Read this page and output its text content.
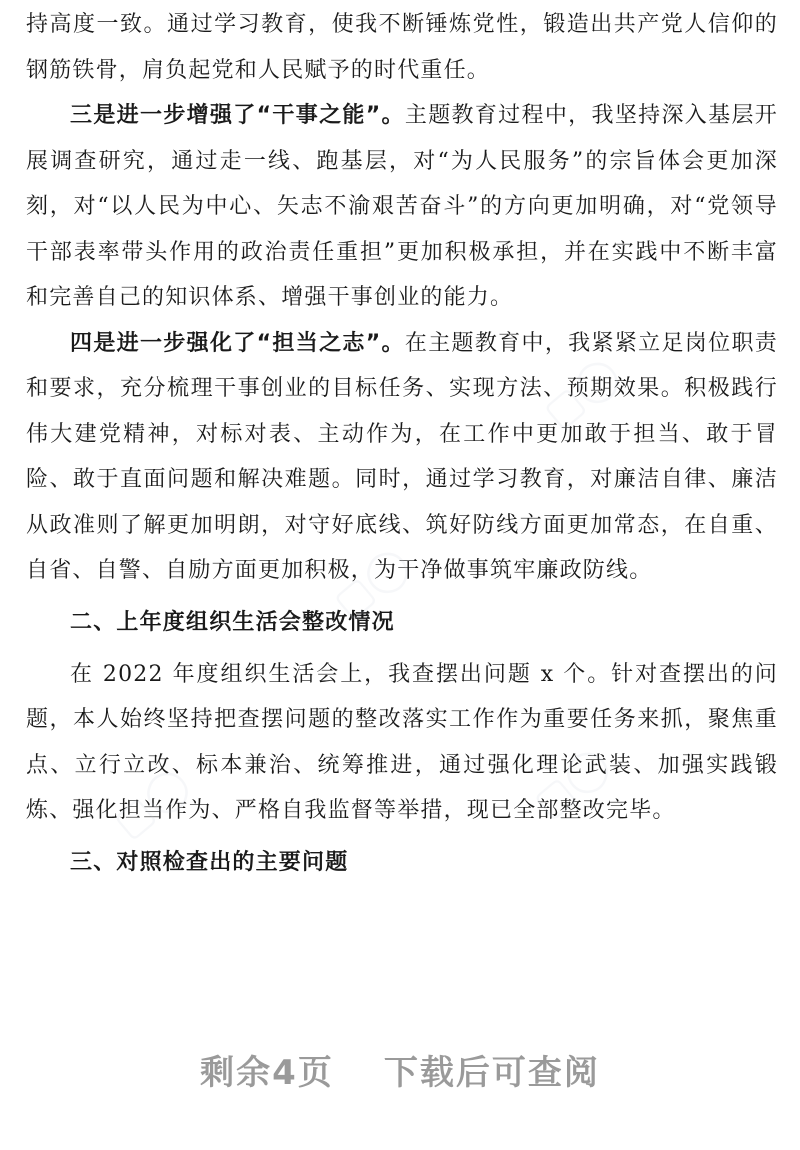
持高度一致。通过学习教育，使我不断锤炼党性，锻造出共产党人信仰的钢筋铁骨，肩负起党和人民赋予的时代重任。

三是进一步增强了“干事之能”。主题教育过程中，我坚持深入基层开展调查研究，通过走一线、跑基层，对“为人民服务”的宗旨体会更加深刻，对“以人民为中心、矢志不渝艰苦奋斗”的方向更加明确，对“党领导干部表率带头作用的政治责任重担”更加积极承担，并在实践中不断丰富和完善自己的知识体系、增强干事创业的能力。

四是进一步强化了“担当之志”。在主题教育中，我紧紧立足岗位职责和要求，充分梳理干事创业的目标任务、实现方法、预期效果。积极践行伟大建党精神，对标对表、主动作为，在工作中更加敢于担当、敢于冒险、敢于直面问题和解决难题。同时，通过学习教育，对廉洁自律、廉洁从政准则了解更加明朗，对守好底线、筑好防线方面更加常态，在自重、自省、自警、自励方面更加积极，为干净做事筑牢廉政防线。

二、上年度组织生活会整改情况

在 2022 年度组织生活会上，我查摆出问题 x 个。针对查摆出的问题，本人始终坚持把查摆问题的整改落实工作作为重要任务来抓，聚焦重点、立行立改、标本兼治、统筹推进，通过强化理论武装、加强实践锻炼、强化担当作为、严格自我监督等举措，现已全部整改完毕。

三、对照检查出的主要问题
▢◯
▢◯
▢◯	▢◯
剩余4页 下载后可查阅
